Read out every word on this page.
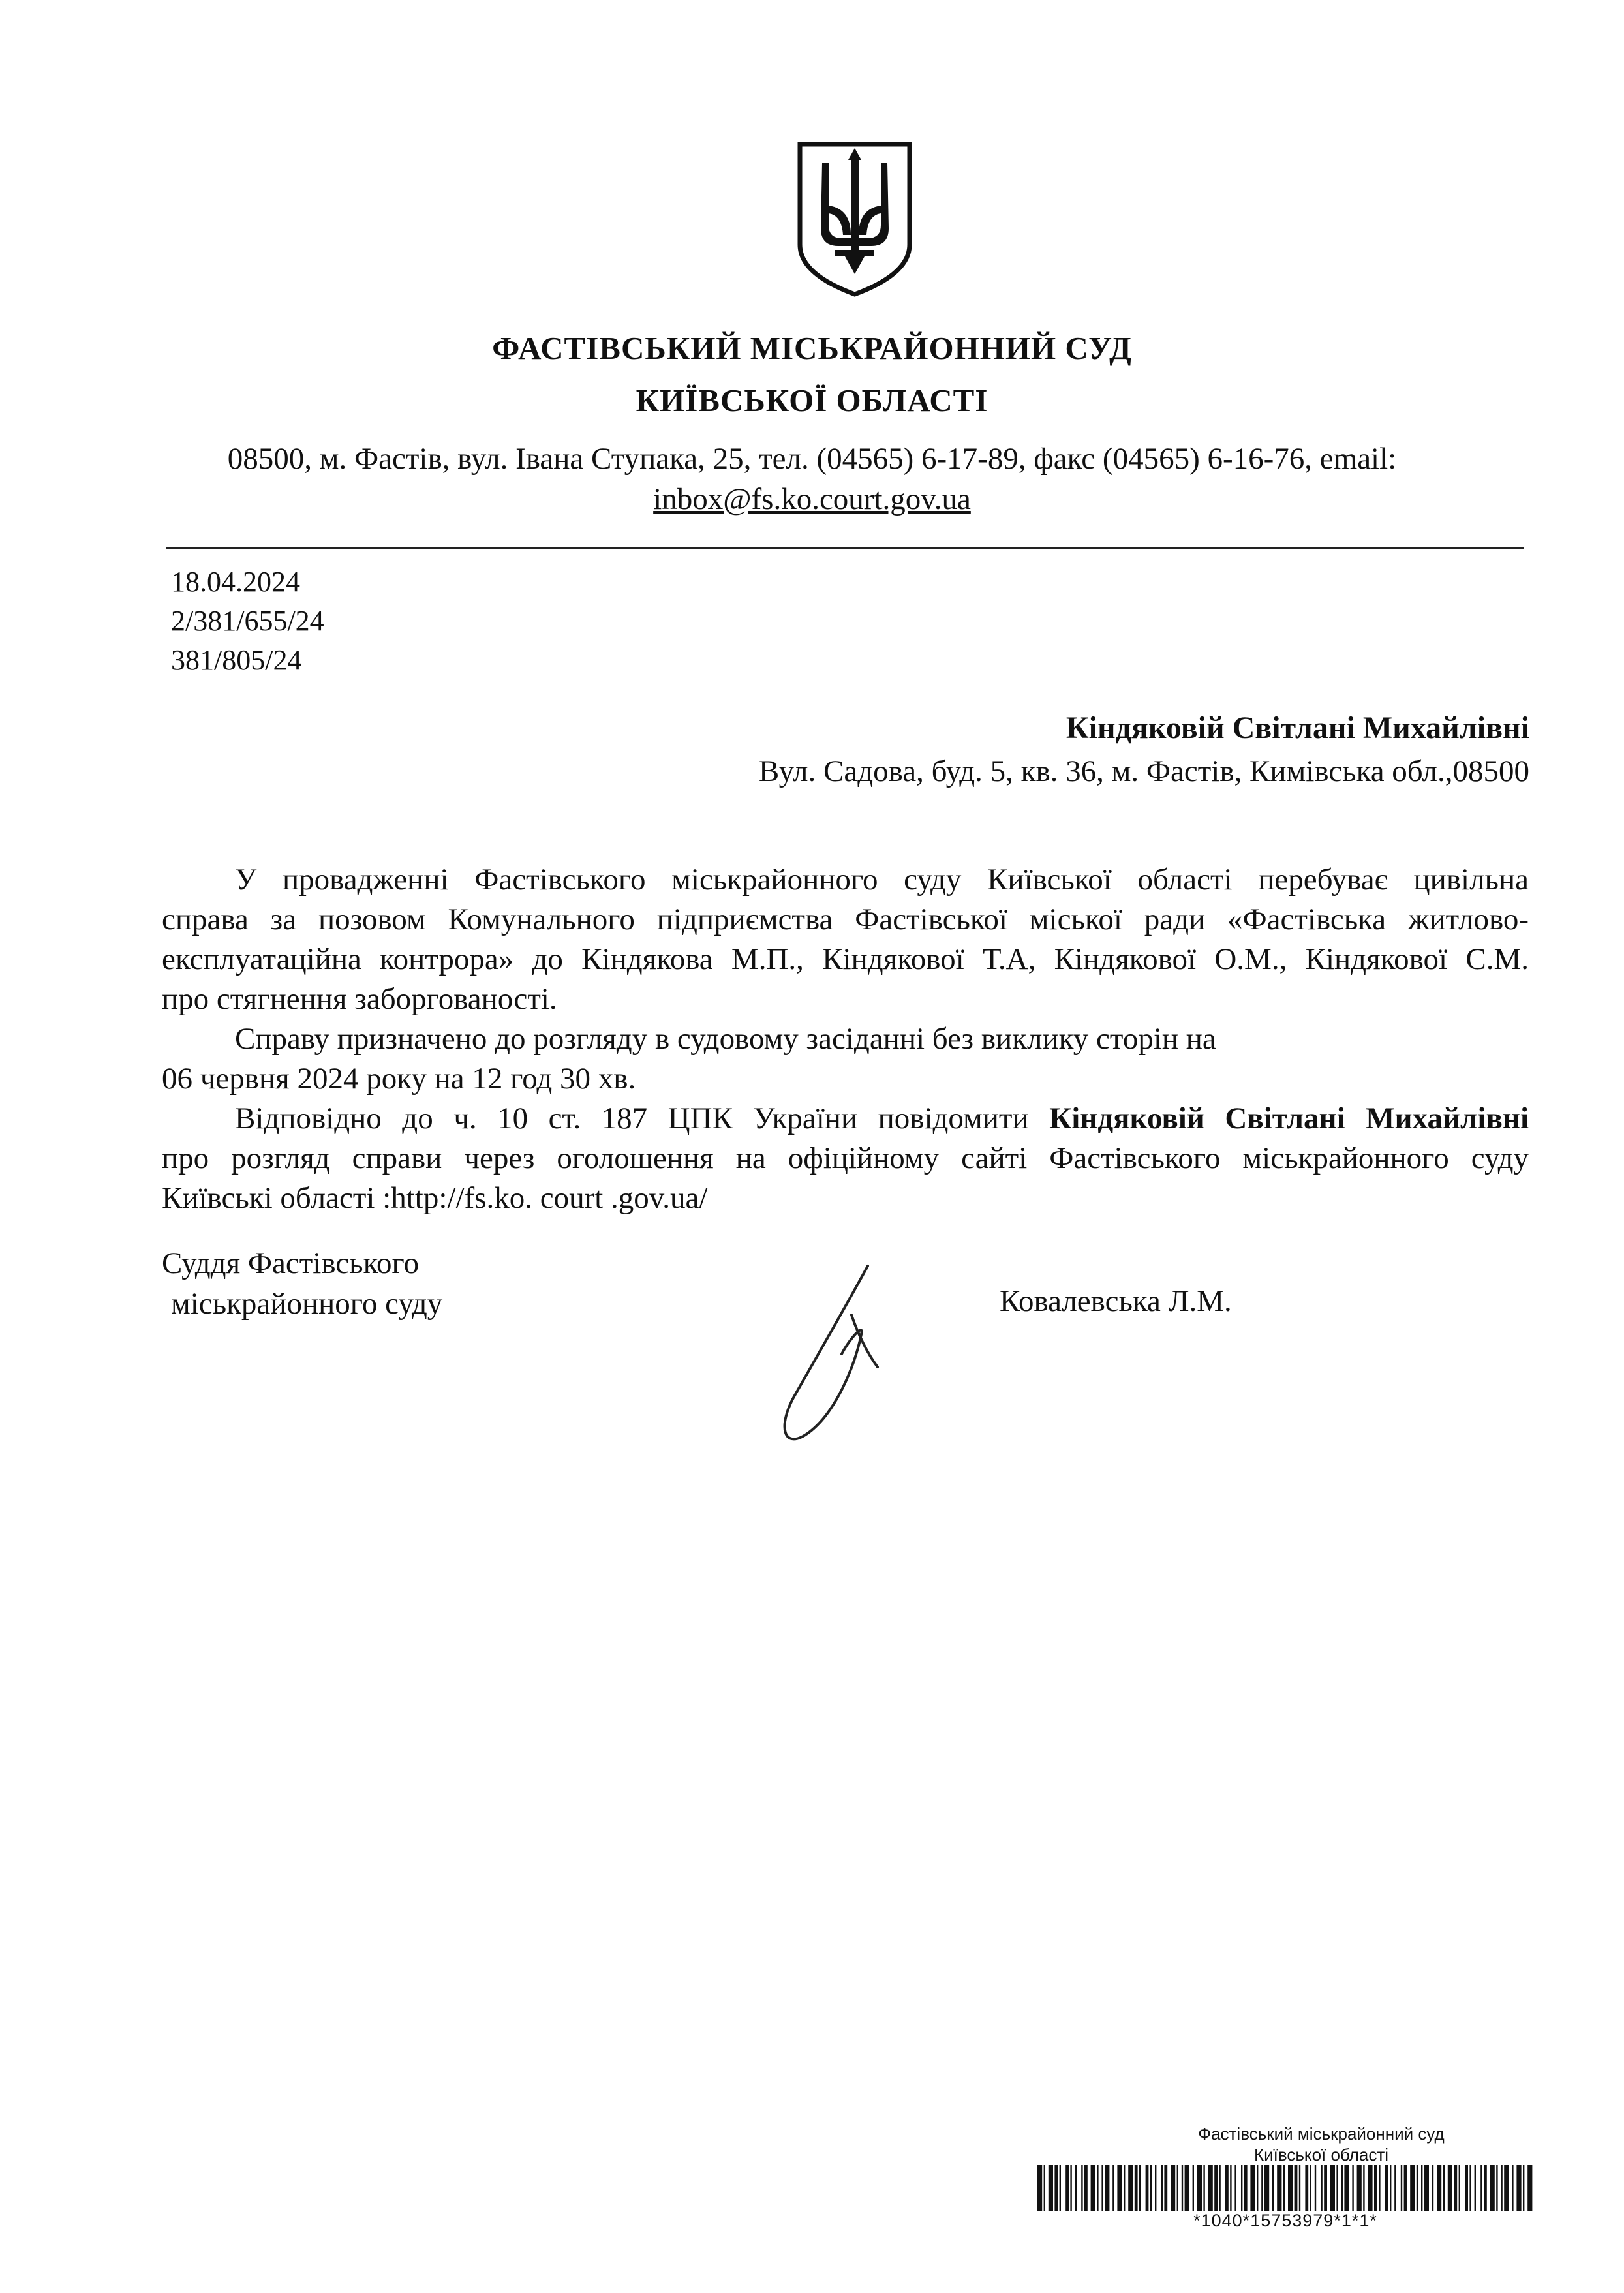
ФАСТІВСЬКИЙ МІСЬКРАЙОННИЙ СУД
КИЇВСЬКОЇ ОБЛАСТІ
08500, м. Фастів, вул. Івана Ступака, 25, тел. (04565) 6-17-89, факс (04565) 6-16-76, email:
inbox@fs.ko.court.gov.ua
18.04.2024
2/381/655/24
381/805/24
Кіндяковій Світлані Михайлівні
Вул. Садова, буд. 5, кв. 36, м. Фастів, Кимівська обл.,08500
У провадженні Фастівського міськрайонного суду Київської області перебуває цивільна
справа за позовом Комунального підприємства Фастівської міської ради «Фастівська житлово-
експлуатаційна контрора» до Кіндякова М.П., Кіндякової Т.А, Кіндякової О.М., Кіндякової С.М.
про стягнення заборгованості.
Справу призначено до розгляду в судовому засіданні без виклику сторін на
06 червня 2024 року на 12 год 30 хв.
Відповідно до ч. 10 ст. 187 ЦПК України повідомити Кіндяковій Світлані Михайлівні
про розгляд справи через оголошення на офіційному сайті Фастівського міськрайонного суду
Київські області :http://fs.ko. court .gov.ua/
Суддя Фастівського
міськрайонного суду	Ковалевська Л.М.
Фастівський міськрайонний суд
Київської області
*1040*15753979*1*1*
